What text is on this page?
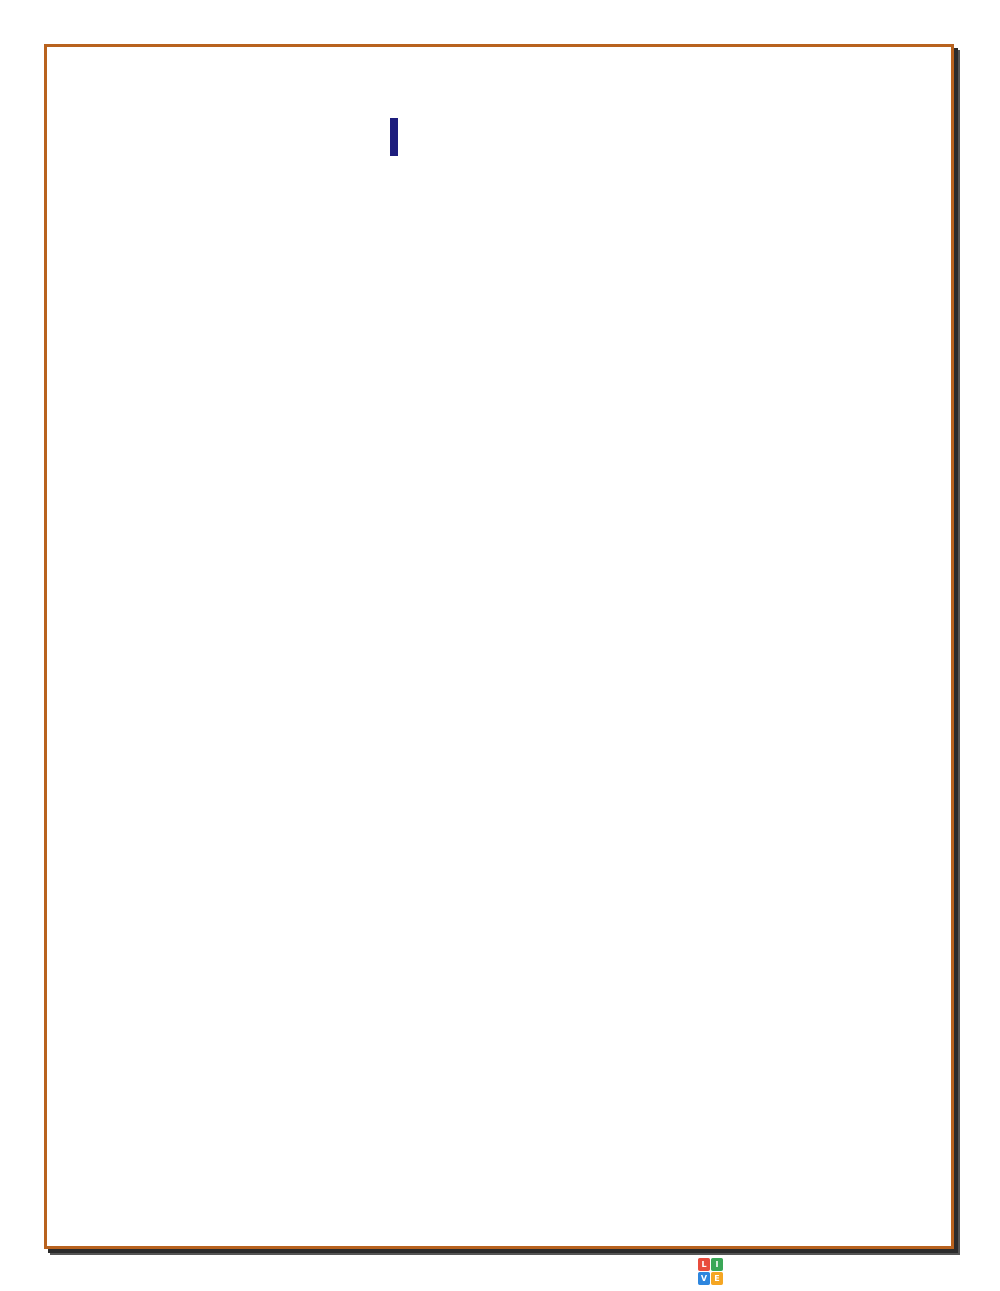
L	I
V E
